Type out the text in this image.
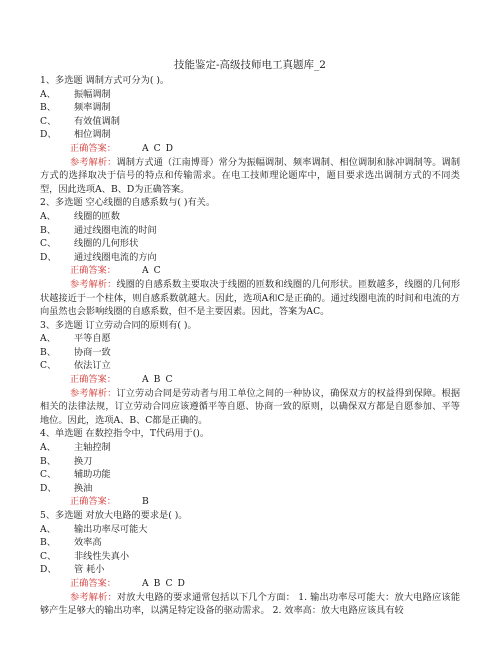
技能鉴定-高级技师电工真题库_2
1、多选题 调制方式可分为( )。
A、	振幅调制
B、	频率调制
C、	有效值调制
D、	相位调制
正确答案：	ACD
参考解析：调制方式通（江南博哥）常分为振幅调制、频率调制、相位调制和脉冲调制等。调制方式的选择取决于信号的特点和传输需求。在电工技师理论题库中，题目要求选出调制方式的不同类型，因此选项A、B、D为正确答案。
2、多选题 空心线圈的自感系数与( )有关。
A、	线圈的匝数
B、	通过线圈电流的时间
C、	线圈的几何形状
D、	通过线圈电流的方向
正确答案：	AC
参考解析：线圈的自感系数主要取决于线圈的匝数和线圈的几何形状。匝数越多，线圈的几何形状越接近于一个柱体，则自感系数就越大。因此，选项A和C是正确的。通过线圈电流的时间和电流的方向虽然也会影响线圈的自感系数，但不是主要因素。因此，答案为AC。
3、多选题 订立劳动合同的原则有( )。
A、	平等自愿
B、	协商一致
C、	依法订立
正确答案：	ABC
参考解析：订立劳动合同是劳动者与用工单位之间的一种协议，确保双方的权益得到保障。根据相关的法律法规，订立劳动合同应该遵循平等自愿、协商一致的原则，以确保双方都是自愿参加、平等地位。因此，选项A、B、C都是正确的。
4、单选题 在数控指令中，T代码用于()。
A、	主轴控制
B、	换刀
C、	辅助功能
D、	换油
正确答案：	B
5、多选题 对放大电路的要求是( )。
A、	输出功率尽可能大
B、	效率高
C、	非线性失真小
D、	管 耗小
正确答案：	ABCD
参考解析：对放大电路的要求通常包括以下几个方面： 1. 输出功率尽可能大：放大电路应该能够产生足够大的输出功率，以满足特定设备的驱动需求。 2. 效率高：放大电路应该具有较
